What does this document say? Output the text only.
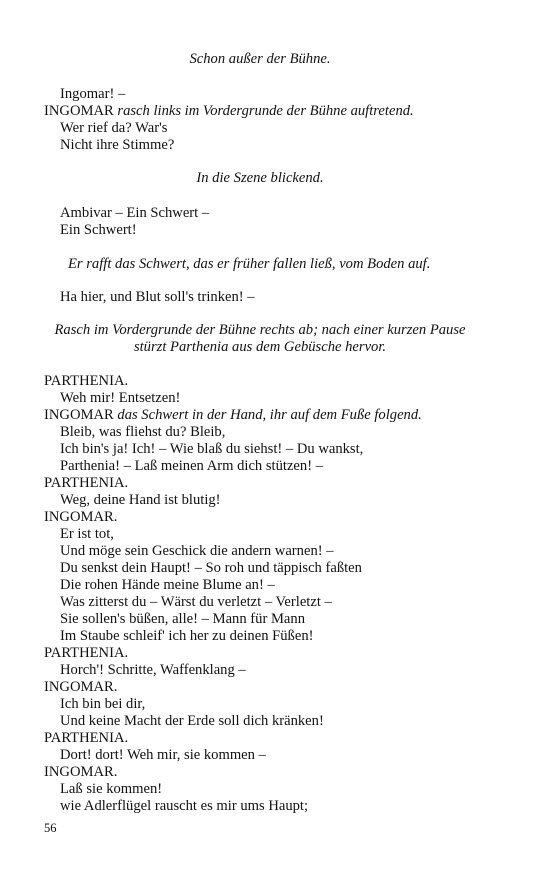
Schon außer der Bühne.
Ingomar! –
INGOMAR rasch links im Vordergrunde der Bühne auftretend.
Wer rief da? War's
Nicht ihre Stimme?
In die Szene blickend.
Ambivar – Ein Schwert –
Ein Schwert!
Er rafft das Schwert, das er früher fallen ließ, vom Boden auf.
Ha hier, und Blut soll's trinken! –
Rasch im Vordergrunde der Bühne rechts ab; nach einer kurzen Pause stürzt Parthenia aus dem Gebüsche hervor.
PARTHENIA.
Weh mir! Entsetzen!
INGOMAR das Schwert in der Hand, ihr auf dem Fuße folgend.
Bleib, was fliehst du? Bleib,
Ich bin's ja! Ich! – Wie blaß du siehst! – Du wankst,
Parthenia! – Laß meinen Arm dich stützen! –
PARTHENIA.
Weg, deine Hand ist blutig!
INGOMAR.
Er ist tot,
Und möge sein Geschick die andern warnen! –
Du senkst dein Haupt! – So roh und täppisch faßten
Die rohen Hände meine Blume an! –
Was zitterst du – Wärst du verletzt – Verletzt –
Sie sollen's büßen, alle! – Mann für Mann
Im Staube schleif' ich her zu deinen Füßen!
PARTHENIA.
Horch'! Schritte, Waffenklang –
INGOMAR.
Ich bin bei dir,
Und keine Macht der Erde soll dich kränken!
PARTHENIA.
Dort! dort! Weh mir, sie kommen –
INGOMAR.
Laß sie kommen!
wie Adlerflügel rauscht es mir ums Haupt;
56
